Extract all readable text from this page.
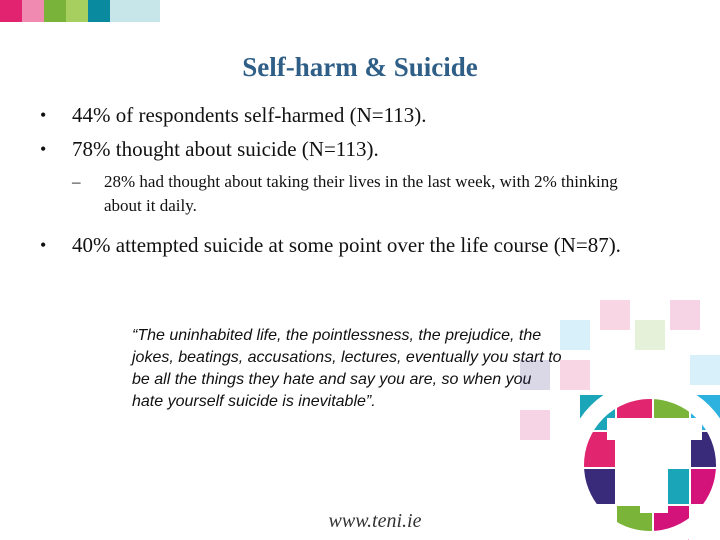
Self-harm & Suicide
• 44% of respondents self-harmed (N=113).
• 78% thought about suicide (N=113).
– 28% had thought about taking their lives in the last week, with 2% thinking about it daily.
• 40% attempted suicide at some point over the life course (N=87).
“The uninhabited life, the pointlessness, the prejudice, the jokes, beatings, accusations, lectures, eventually you start to be all the things they hate and say you are, so when you hate yourself suicide is inevitable”.
www.teni.ie
